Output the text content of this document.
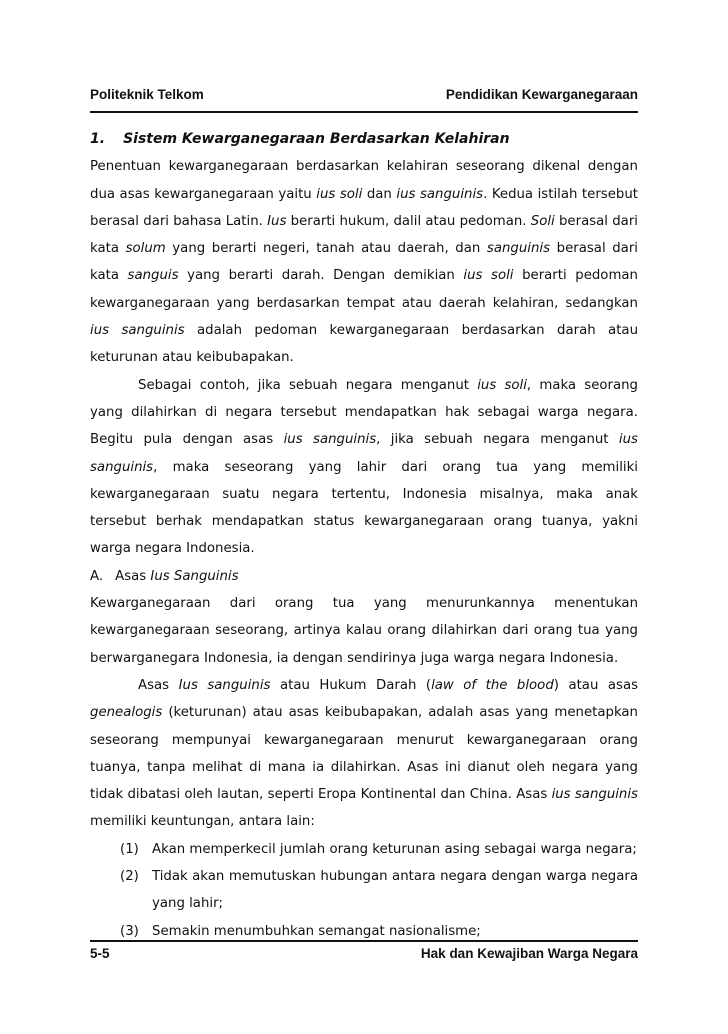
Politeknik Telkom	Pendidikan Kewarganegaraan

1. Sistem Kewarganegaraan Berdasarkan Kelahiran

Penentuan kewarganegaraan berdasarkan kelahiran seseorang dikenal dengan dua asas kewarganegaraan yaitu ius soli dan ius sanguinis. Kedua istilah tersebut berasal dari bahasa Latin. Ius berarti hukum, dalil atau pedoman. Soli berasal dari kata solum yang berarti negeri, tanah atau daerah, dan sanguinis berasal dari kata sanguis yang berarti darah. Dengan demikian ius soli berarti pedoman kewarganegaraan yang berdasarkan tempat atau daerah kelahiran, sedangkan ius sanguinis adalah pedoman kewarganegaraan berdasarkan darah atau keturunan atau keibubapakan.

Sebagai contoh, jika sebuah negara menganut ius soli, maka seorang yang dilahirkan di negara tersebut mendapatkan hak sebagai warga negara. Begitu pula dengan asas ius sanguinis, jika sebuah negara menganut ius sanguinis, maka seseorang yang lahir dari orang tua yang memiliki kewarganegaraan suatu negara tertentu, Indonesia misalnya, maka anak tersebut berhak mendapatkan status kewarganegaraan orang tuanya, yakni warga negara Indonesia.

A. Asas Ius Sanguinis

Kewarganegaraan dari orang tua yang menurunkannya menentukan kewarganegaraan seseorang, artinya kalau orang dilahirkan dari orang tua yang berwarganegara Indonesia, ia dengan sendirinya juga warga negara Indonesia.

Asas Ius sanguinis atau Hukum Darah (law of the blood) atau asas genealogis (keturunan) atau asas keibubapakan, adalah asas yang menetapkan seseorang mempunyai kewarganegaraan menurut kewarganegaraan orang tuanya, tanpa melihat di mana ia dilahirkan. Asas ini dianut oleh negara yang tidak dibatasi oleh lautan, seperti Eropa Kontinental dan China. Asas ius sanguinis memiliki keuntungan, antara lain:

(1) Akan memperkecil jumlah orang keturunan asing sebagai warga negara;
(2) Tidak akan memutuskan hubungan antara negara dengan warga negara yang lahir;
(3) Semakin menumbuhkan semangat nasionalisme;
5-5	Hak dan Kewajiban Warga Negara
